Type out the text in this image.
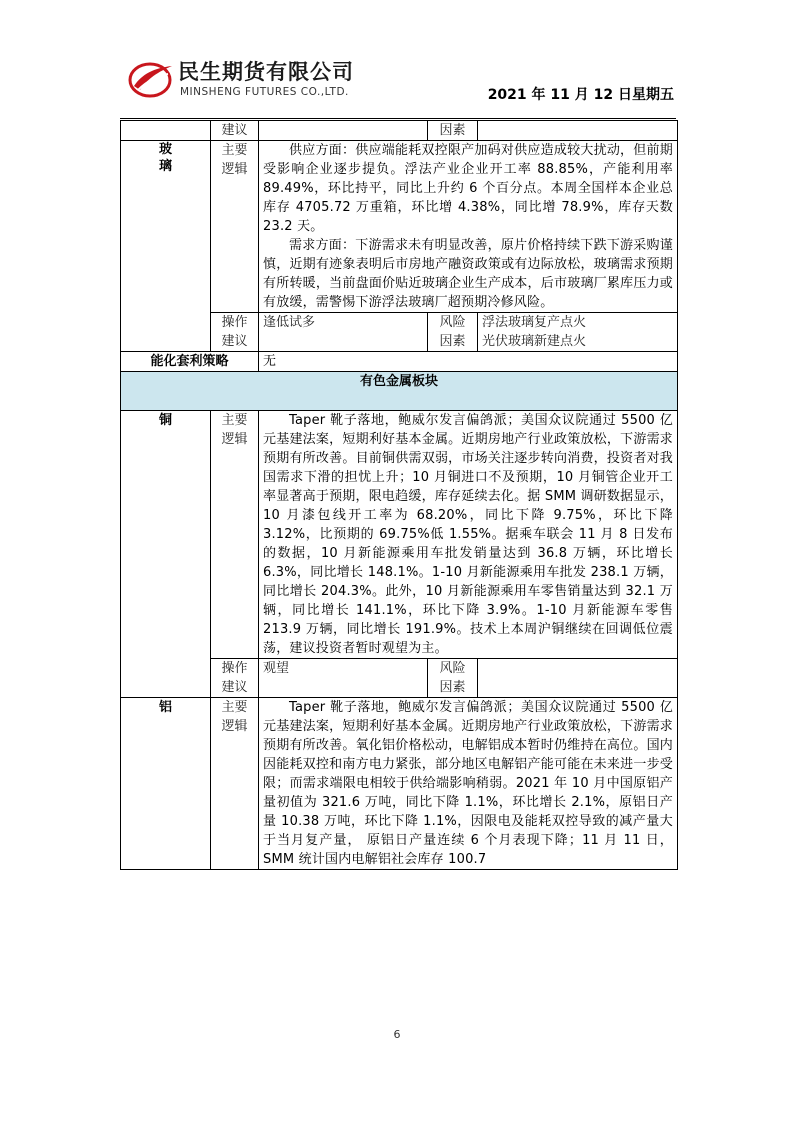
民生期货有限公司
MINSHENG FUTURES CO.,LTD.	2021 年 11 月 12 日星期五
	建议		因素	
玻璃	主要逻辑	供应方面：供应端能耗双控限产加码对供应造成较大扰动，但前期受影响企业逐步提负。浮法产业企业开工率 88.85%，产能利用率 89.49%，环比持平，同比上升约 6 个百分点。本周全国样本企业总库存 4705.72 万重箱，环比增 4.38%，同比增 78.9%，库存天数 23.2 天。

需求方面：下游需求未有明显改善，原片价格持续下跌下游采购谨慎，近期有迹象表明后市房地产融资政策或有边际放松，玻璃需求预期有所转暖，当前盘面价贴近玻璃企业生产成本，后市玻璃厂累库压力或有放缓，需警惕下游浮法玻璃厂超预期冷修风险。		

	操作建议	逢低试多	风险因素	浮法玻璃复产点火
光伏玻璃新建点火

能化套利策略		无		
有色金属板块				
铜	主要逻辑	Taper 靴子落地，鲍威尔发言偏鸽派；美国众议院通过 5500 亿元基建法案，短期利好基本金属。近期房地产行业政策放松，下游需求预期有所改善。目前铜供需双弱，市场关注逐步转向消费，投资者对我国需求下滑的担忧上升；10 月铜进口不及预期，10 月铜管企业开工率显著高于预期，限电趋缓，库存延续去化。据 SMM 调研数据显示，10 月漆包线开工率为 68.20%，同比下降 9.75%，环比下降 3.12%，比预期的 69.75%低 1.55%。据乘车联会 11 月 8 日发布的数据，10 月新能源乘用车批发销量达到 36.8 万辆，环比增长 6.3%，同比增长 148.1%。1-10 月新能源乘用车批发 238.1 万辆，同比增长 204.3%。此外，10 月新能源乘用车零售销量达到 32.1 万辆，同比增长 141.1%，环比下降 3.9%。1-10 月新能源车零售 213.9 万辆，同比增长 191.9%。技术上本周沪铜继续在回调低位震荡，建议投资者暂时观望为主。		

	操作建议	观望	风险因素	

铝	主要逻辑	Taper 靴子落地，鲍威尔发言偏鸽派；美国众议院通过 5500 亿元基建法案，短期利好基本金属。近期房地产行业政策放松，下游需求预期有所改善。氧化铝价格松动，电解铝成本暂时仍维持在高位。国内因能耗双控和南方电力紧张，部分地区电解铝产能可能在未来进一步受限；而需求端限电相较于供给端影响稍弱。2021 年 10 月中国原铝产量初值为 321.6 万吨，同比下降 1.1%，环比增长 2.1%，原铝日产量 10.38 万吨，环比下降 1.1%，因限电及能耗双控导致的减产量大于当月复产量， 原铝日产量连续 6 个月表现下降；11 月 11 日，SMM 统计国内电解铝社会库存 100.7		

6
